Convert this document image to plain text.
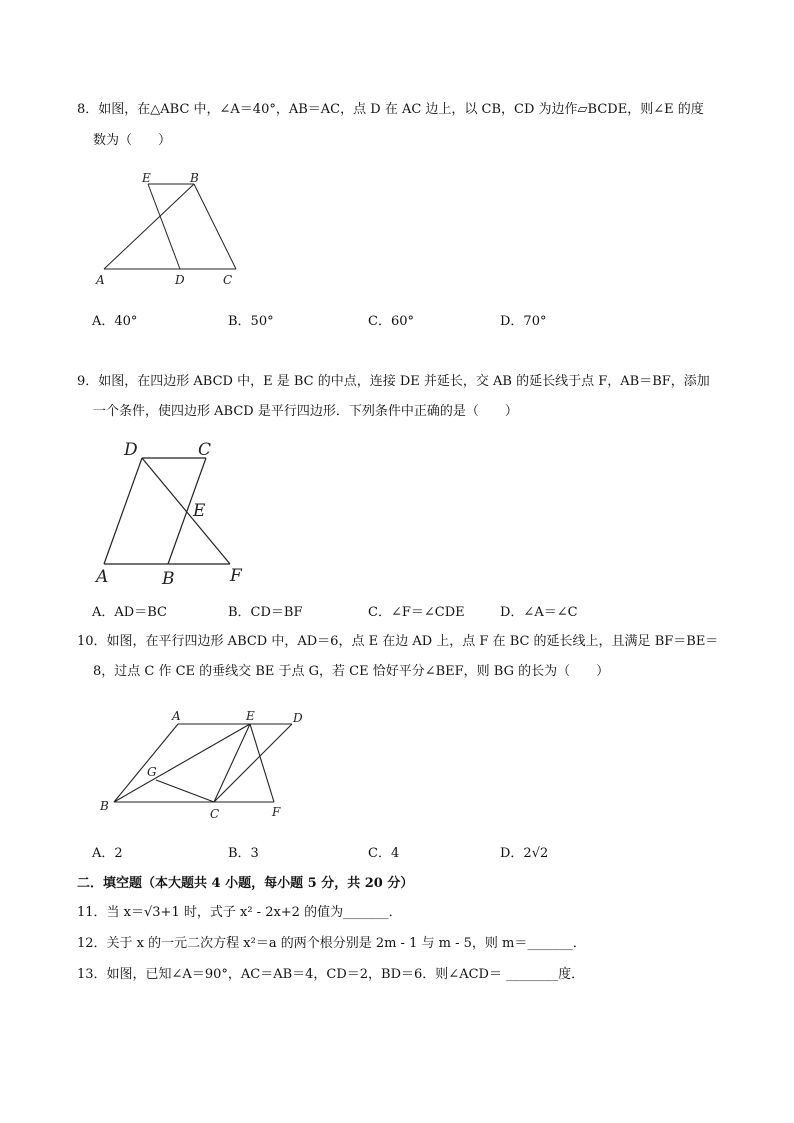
8．如图，在△ABC 中，∠A＝40°，AB＝AC，点 D 在 AC 边上，以 CB，CD 为边作▱BCDE，则∠E 的度
数为（　　）
E	B
A	D	C
A．40°	B．50°	C．60°	D．70°
9．如图，在四边形 ABCD 中，E 是 BC 的中点，连接 DE 并延长，交 AB 的延长线于点 F，AB＝BF，添加
一个条件，使四边形 ABCD 是平行四边形．下列条件中正确的是（　　）
D	C
E
A	B	F
A．AD＝BC	B．CD＝BF	C．∠F＝∠CDE	D．∠A＝∠C
10．如图，在平行四边形 ABCD 中，AD＝6，点 E 在边 AD 上，点 F 在 BC 的延长线上，且满足 BF＝BE＝
8，过点 C 作 CE 的垂线交 BE 于点 G，若 CE 恰好平分∠BEF，则 BG 的长为（　　）
A	E	D
G
B
C	F
A．2	B．3	C．4	D．2√2
二．填空题（本大题共 4 小题，每小题 5 分，共 20 分）
11．当 x＝√3+1 时，式子 x² - 2x+2 的值为_______．
12．关于 x 的一元二次方程 x²＝a 的两个根分别是 2m - 1 与 m - 5，则 m＝_______．
13．如图，已知∠A＝90°，AC＝AB＝4，CD＝2，BD＝6．则∠ACD＝ ________度．
